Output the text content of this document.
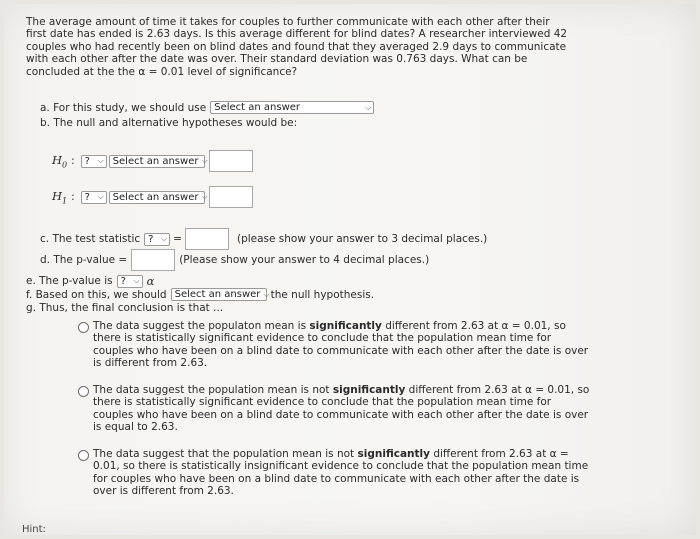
The average amount of time it takes for couples to further communicate with each other after their first date has ended is 2.63 days. Is this average different for blind dates? A researcher interviewed 42 couples who had recently been on blind dates and found that they averaged 2.9 days to communicate with each other after the date was over. Their standard deviation was 0.763 days. What can be concluded at the the α = 0.01 level of significance?

a. For this study, we should use Select an answer	⌵
b. The null and alternative hypotheses would be:
$H_0$ : ? ⌵ Select an answer ⌵
$H_1$ : ? ⌵ Select an answer ⌵
c. The test statistic ? ⌵ =	(please show your answer to 3 decimal places.)
d. The p-value =	(Please show your answer to 4 decimal places.)
e. The p-value is ? ⌵ α
f. Based on this, we should Select an answer ⌵ the null hypothesis.
g. Thus, the final conclusion is that ...
The data suggest the populaton mean is significantly different from 2.63 at α = 0.01, so there is statistically significant evidence to conclude that the population mean time for couples who have been on a blind date to communicate with each other after the date is over is different from 2.63.
The data suggest the population mean is not significantly different from 2.63 at α = 0.01, so there is statistically significant evidence to conclude that the population mean time for couples who have been on a blind date to communicate with each other after the date is over is equal to 2.63.
The data suggest that the population mean is not significantly different from 2.63 at α = 0.01, so there is statistically insignificant evidence to conclude that the population mean time for couples who have been on a blind date to communicate with each other after the date is over is different from 2.63.
Hint:
